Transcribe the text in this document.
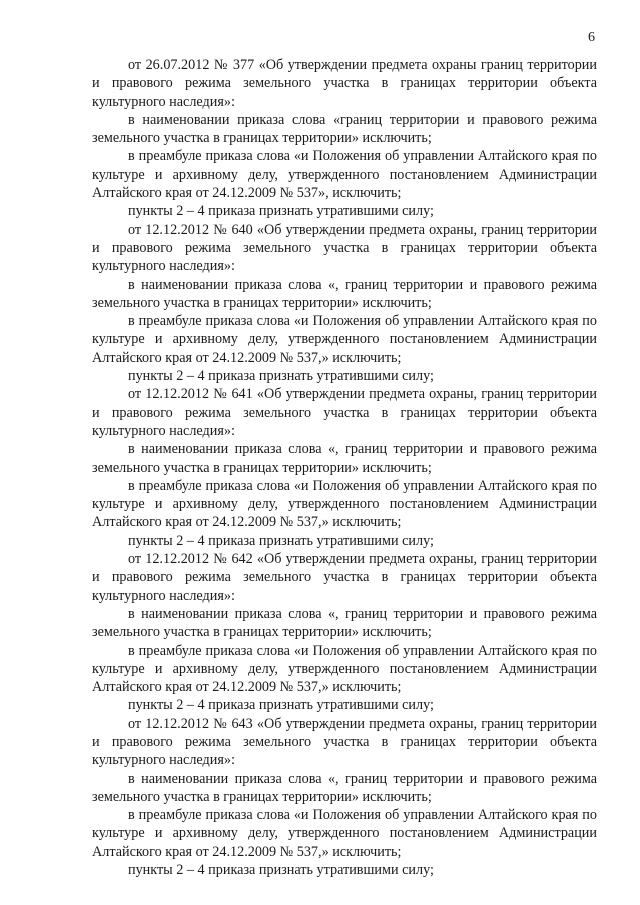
6

от 26.07.2012 № 377 «Об утверждении предмета охраны границ территории и правового режима земельного участка в границах территории объекта культурного наследия»:

в наименовании приказа слова «границ территории и правового режима земельного участка в границах территории» исключить;

в преамбуле приказа слова «и Положения об управлении Алтайского края по культуре и архивному делу, утвержденного постановлением Администрации Алтайского края от 24.12.2009 № 537», исключить;

пункты 2 – 4 приказа признать утратившими силу;

от 12.12.2012 № 640 «Об утверждении предмета охраны, границ территории и правового режима земельного участка в границах территории объекта культурного наследия»:

в наименовании приказа слова «, границ территории и правового режима земельного участка в границах территории» исключить;

в преамбуле приказа слова «и Положения об управлении Алтайского края по культуре и архивному делу, утвержденного постановлением Администрации Алтайского края от 24.12.2009 № 537,» исключить;

пункты 2 – 4 приказа признать утратившими силу;

от 12.12.2012 № 641 «Об утверждении предмета охраны, границ территории и правового режима земельного участка в границах территории объекта культурного наследия»:

в наименовании приказа слова «, границ территории и правового режима земельного участка в границах территории» исключить;

в преамбуле приказа слова «и Положения об управлении Алтайского края по культуре и архивному делу, утвержденного постановлением Администрации Алтайского края от 24.12.2009 № 537,» исключить;

пункты 2 – 4 приказа признать утратившими силу;

от 12.12.2012 № 642 «Об утверждении предмета охраны, границ территории и правового режима земельного участка в границах территории объекта культурного наследия»:

в наименовании приказа слова «, границ территории и правового режима земельного участка в границах территории» исключить;

в преамбуле приказа слова «и Положения об управлении Алтайского края по культуре и архивному делу, утвержденного постановлением Администрации Алтайского края от 24.12.2009 № 537,» исключить;

пункты 2 – 4 приказа признать утратившими силу;

от 12.12.2012 № 643 «Об утверждении предмета охраны, границ территории и правового режима земельного участка в границах территории объекта культурного наследия»:

в наименовании приказа слова «, границ территории и правового режима земельного участка в границах территории» исключить;

в преамбуле приказа слова «и Положения об управлении Алтайского края по культуре и архивному делу, утвержденного постановлением Администрации Алтайского края от 24.12.2009 № 537,» исключить;

пункты 2 – 4 приказа признать утратившими силу;
